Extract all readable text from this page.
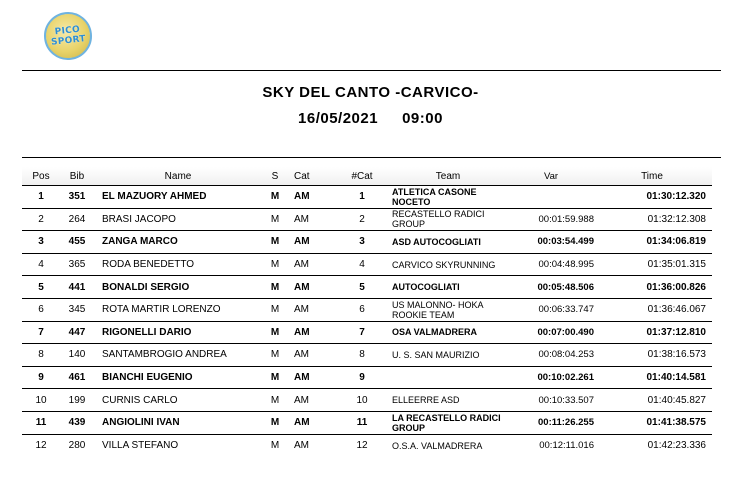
PICO
SPORT
SKY DEL CANTO -CARVICO-
16/05/2021 09:00
Pos	Bib	Name	S	Cat	#Cat	Team	Var	Time
1	351	EL MAZUORY AHMED	M	AM	1	ATLETICA CASONE NOCETO		01:30:12.320
2	264	BRASI JACOPO	M	AM	2	RECASTELLO RADICI GROUP	00:01:59.988	01:32:12.308
3	455	ZANGA MARCO	M	AM	3	ASD AUTOCOGLIATI	00:03:54.499	01:34:06.819
4	365	RODA BENEDETTO	M	AM	4	CARVICO SKYRUNNING	00:04:48.995	01:35:01.315
5	441	BONALDI SERGIO	M	AM	5	AUTOCOGLIATI	00:05:48.506	01:36:00.826
6	345	ROTA MARTIR LORENZO	M	AM	6	US MALONNO- HOKA ROOKIE TEAM	00:06:33.747	01:36:46.067
7	447	RIGONELLI DARIO	M	AM	7	OSA VALMADRERA	00:07:00.490	01:37:12.810
8	140	SANTAMBROGIO ANDREA	M	AM	8	U. S. SAN MAURIZIO	00:08:04.253	01:38:16.573
9	461	BIANCHI EUGENIO	M	AM	9		00:10:02.261	01:40:14.581
10	199	CURNIS CARLO	M	AM	10	ELLEERRE ASD	00:10:33.507	01:40:45.827
11	439	ANGIOLINI IVAN	M	AM	11	LA RECASTELLO RADICI GROUP	00:11:26.255	01:41:38.575
12	280	VILLA STEFANO	M	AM	12	O.S.A. VALMADRERA	00:12:11.016	01:42:23.336
